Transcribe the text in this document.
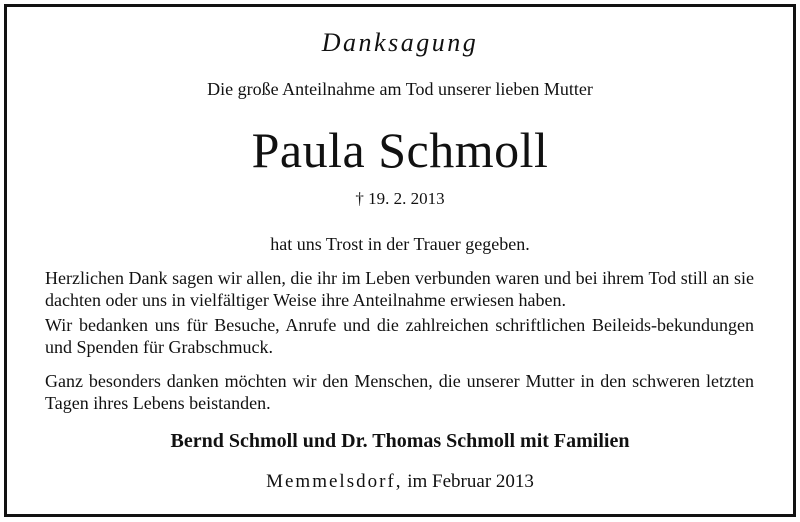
Danksagung
Die große Anteilnahme am Tod unserer lieben Mutter
Paula Schmoll
† 19. 2. 2013
hat uns Trost in der Trauer gegeben.
Herzlichen Dank sagen wir allen, die ihr im Leben verbunden waren und bei ihrem Tod still an sie dachten oder uns in vielfältiger Weise ihre Anteilnahme erwiesen haben.
Wir bedanken uns für Besuche, Anrufe und die zahlreichen schriftlichen Beileids-bekundungen und Spenden für Grabschmuck.
Ganz besonders danken möchten wir den Menschen, die unserer Mutter in den schweren letzten Tagen ihres Lebens beistanden.
Bernd Schmoll und Dr. Thomas Schmoll mit Familien
Memmelsdorf, im Februar 2013
